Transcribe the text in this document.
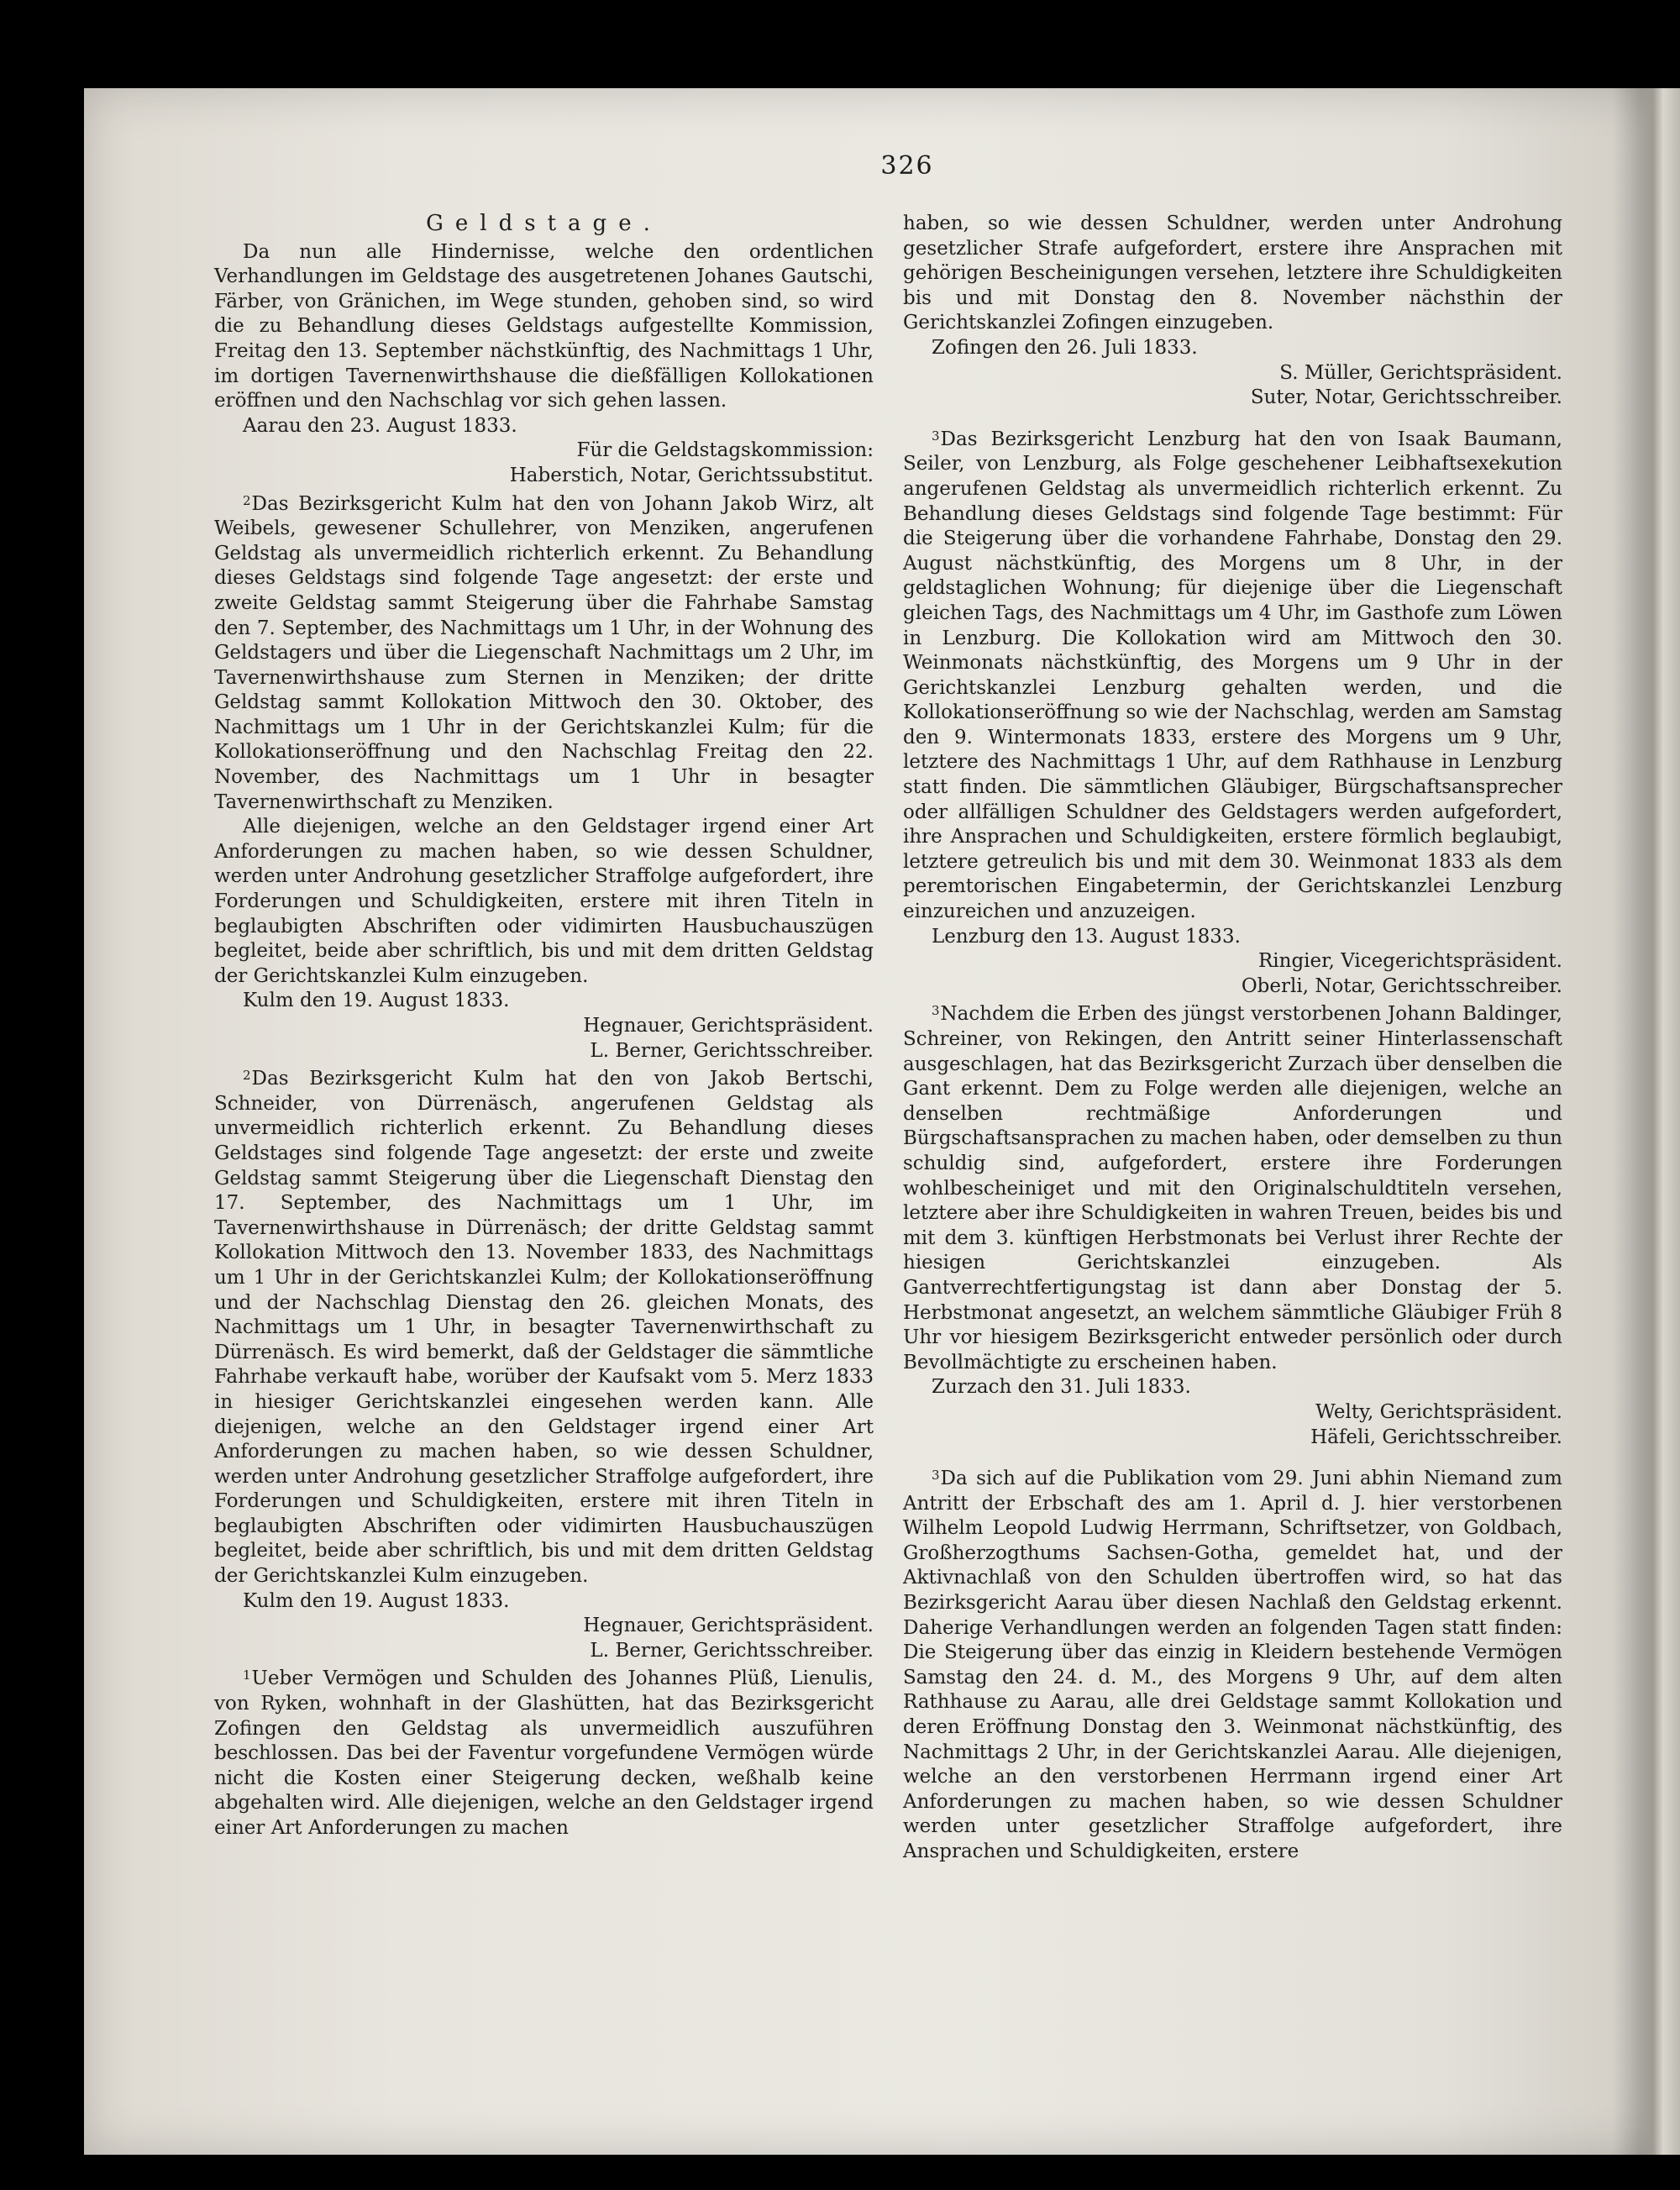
326
Geldstage.

Da nun alle Hindernisse, welche den ordentlichen Verhandlungen im Geldstage des ausgetretenen Johanes Gautschi, Färber, von Gränichen, im Wege stunden, gehoben sind, so wird die zu Behandlung dieses Geldstags aufgestellte Kommission, Freitag den 13. September nächstkünftig, des Nachmittags 1 Uhr, im dortigen Tavernenwirthshause die dießfälligen Kollokationen eröffnen und den Nachschlag vor sich gehen lassen.

Aarau den 23. August 1833.

Für die Geldstagskommission:

Haberstich, Notar, Gerichtssubstitut.

$^2$Das Bezirksgericht Kulm hat den von Johann Jakob Wirz, alt Weibels, gewesener Schullehrer, von Menziken, angerufenen Geldstag als unvermeidlich richterlich erkennt. Zu Behandlung dieses Geldstags sind folgende Tage angesetzt: der erste und zweite Geldstag sammt Steigerung über die Fahrhabe Samstag den 7. September, des Nachmittags um 1 Uhr, in der Wohnung des Geldstagers und über die Liegenschaft Nachmittags um 2 Uhr, im Tavernenwirthshause zum Sternen in Menziken; der dritte Geldstag sammt Kollokation Mittwoch den 30. Oktober, des Nachmittags um 1 Uhr in der Gerichtskanzlei Kulm; für die Kollokationseröffnung und den Nachschlag Freitag den 22. November, des Nachmittags um 1 Uhr in besagter Tavernenwirthschaft zu Menziken.

Alle diejenigen, welche an den Geldstager irgend einer Art Anforderungen zu machen haben, so wie dessen Schuldner, werden unter Androhung gesetzlicher Straffolge aufgefordert, ihre Forderungen und Schuldigkeiten, erstere mit ihren Titeln in beglaubigten Abschriften oder vidimirten Hausbuchauszügen begleitet, beide aber schriftlich, bis und mit dem dritten Geldstag der Gerichtskanzlei Kulm einzugeben.

Kulm den 19. August 1833.

Hegnauer, Gerichtspräsident.

L. Berner, Gerichtsschreiber.

$^2$Das Bezirksgericht Kulm hat den von Jakob Bertschi, Schneider, von Dürrenäsch, angerufenen Geldstag als unvermeidlich richterlich erkennt. Zu Behandlung dieses Geldstages sind folgende Tage angesetzt: der erste und zweite Geldstag sammt Steigerung über die Liegenschaft Dienstag den 17. September, des Nachmittags um 1 Uhr, im Tavernenwirthshause in Dürrenäsch; der dritte Geldstag sammt Kollokation Mittwoch den 13. November 1833, des Nachmittags um 1 Uhr in der Gerichtskanzlei Kulm; der Kollokationseröffnung und der Nachschlag Dienstag den 26. gleichen Monats, des Nachmittags um 1 Uhr, in besagter Tavernenwirthschaft zu Dürrenäsch. Es wird bemerkt, daß der Geldstager die sämmtliche Fahrhabe verkauft habe, worüber der Kaufsakt vom 5. Merz 1833 in hiesiger Gerichtskanzlei eingesehen werden kann. Alle diejenigen, welche an den Geldstager irgend einer Art Anforderungen zu machen haben, so wie dessen Schuldner, werden unter Androhung gesetzlicher Straffolge aufgefordert, ihre Forderungen und Schuldigkeiten, erstere mit ihren Titeln in beglaubigten Abschriften oder vidimirten Hausbuchauszügen begleitet, beide aber schriftlich, bis und mit dem dritten Geldstag der Gerichtskanzlei Kulm einzugeben.

Kulm den 19. August 1833.

Hegnauer, Gerichtspräsident.

L. Berner, Gerichtsschreiber.

$^1$Ueber Vermögen und Schulden des Johannes Plüß, Lienulis, von Ryken, wohnhaft in der Glashütten, hat das Bezirksgericht Zofingen den Geldstag als unvermeidlich auszuführen beschlossen. Das bei der Faventur vorgefundene Vermögen würde nicht die Kosten einer Steigerung decken, weßhalb keine abgehalten wird. Alle diejenigen, welche an den Geldstager irgend einer Art Anforderungen zu machen

haben, so wie dessen Schuldner, werden unter Androhung gesetzlicher Strafe aufgefordert, erstere ihre Ansprachen mit gehörigen Bescheinigungen versehen, letztere ihre Schuldigkeiten bis und mit Donstag den 8. November nächsthin der Gerichtskanzlei Zofingen einzugeben.

Zofingen den 26. Juli 1833.

S. Müller, Gerichtspräsident.

Suter, Notar, Gerichtsschreiber.

$^3$Das Bezirksgericht Lenzburg hat den von Isaak Baumann, Seiler, von Lenzburg, als Folge geschehener Leibhaftsexekution angerufenen Geldstag als unvermeidlich richterlich erkennt. Zu Behandlung dieses Geldstags sind folgende Tage bestimmt: Für die Steigerung über die vorhandene Fahrhabe, Donstag den 29. August nächstkünftig, des Morgens um 8 Uhr, in der geldstaglichen Wohnung; für diejenige über die Liegenschaft gleichen Tags, des Nachmittags um 4 Uhr, im Gasthofe zum Löwen in Lenzburg. Die Kollokation wird am Mittwoch den 30. Weinmonats nächstkünftig, des Morgens um 9 Uhr in der Gerichtskanzlei Lenzburg gehalten werden, und die Kollokationseröffnung so wie der Nachschlag, werden am Samstag den 9. Wintermonats 1833, erstere des Morgens um 9 Uhr, letztere des Nachmittags 1 Uhr, auf dem Rathhause in Lenzburg statt finden. Die sämmtlichen Gläubiger, Bürgschaftsansprecher oder allfälligen Schuldner des Geldstagers werden aufgefordert, ihre Ansprachen und Schuldigkeiten, erstere förmlich beglaubigt, letztere getreulich bis und mit dem 30. Weinmonat 1833 als dem peremtorischen Eingabetermin, der Gerichtskanzlei Lenzburg einzureichen und anzuzeigen.

Lenzburg den 13. August 1833.

Ringier, Vicegerichtspräsident.

Oberli, Notar, Gerichtsschreiber.

$^3$Nachdem die Erben des jüngst verstorbenen Johann Baldinger, Schreiner, von Rekingen, den Antritt seiner Hinterlassenschaft ausgeschlagen, hat das Bezirksgericht Zurzach über denselben die Gant erkennt. Dem zu Folge werden alle diejenigen, welche an denselben rechtmäßige Anforderungen und Bürgschaftsansprachen zu machen haben, oder demselben zu thun schuldig sind, aufgefordert, erstere ihre Forderungen wohlbescheiniget und mit den Originalschuldtiteln versehen, letztere aber ihre Schuldigkeiten in wahren Treuen, beides bis und mit dem 3. künftigen Herbstmonats bei Verlust ihrer Rechte der hiesigen Gerichtskanzlei einzugeben. Als Gantverrechtfertigungstag ist dann aber Donstag der 5. Herbstmonat angesetzt, an welchem sämmtliche Gläubiger Früh 8 Uhr vor hiesigem Bezirksgericht entweder persönlich oder durch Bevollmächtigte zu erscheinen haben.

Zurzach den 31. Juli 1833.

Welty, Gerichtspräsident.

Häfeli, Gerichtsschreiber.

$^3$Da sich auf die Publikation vom 29. Juni abhin Niemand zum Antritt der Erbschaft des am 1. April d. J. hier verstorbenen Wilhelm Leopold Ludwig Herrmann, Schriftsetzer, von Goldbach, Großherzogthums Sachsen-Gotha, gemeldet hat, und der Aktivnachlaß von den Schulden übertroffen wird, so hat das Bezirksgericht Aarau über diesen Nachlaß den Geldstag erkennt. Daherige Verhandlungen werden an folgenden Tagen statt finden: Die Steigerung über das einzig in Kleidern bestehende Vermögen Samstag den 24. d. M., des Morgens 9 Uhr, auf dem alten Rathhause zu Aarau, alle drei Geldstage sammt Kollokation und deren Eröffnung Donstag den 3. Weinmonat nächstkünftig, des Nachmittags 2 Uhr, in der Gerichtskanzlei Aarau. Alle diejenigen, welche an den verstorbenen Herrmann irgend einer Art Anforderungen zu machen haben, so wie dessen Schuldner werden unter gesetzlicher Straffolge aufgefordert, ihre Ansprachen und Schuldigkeiten, erstere
